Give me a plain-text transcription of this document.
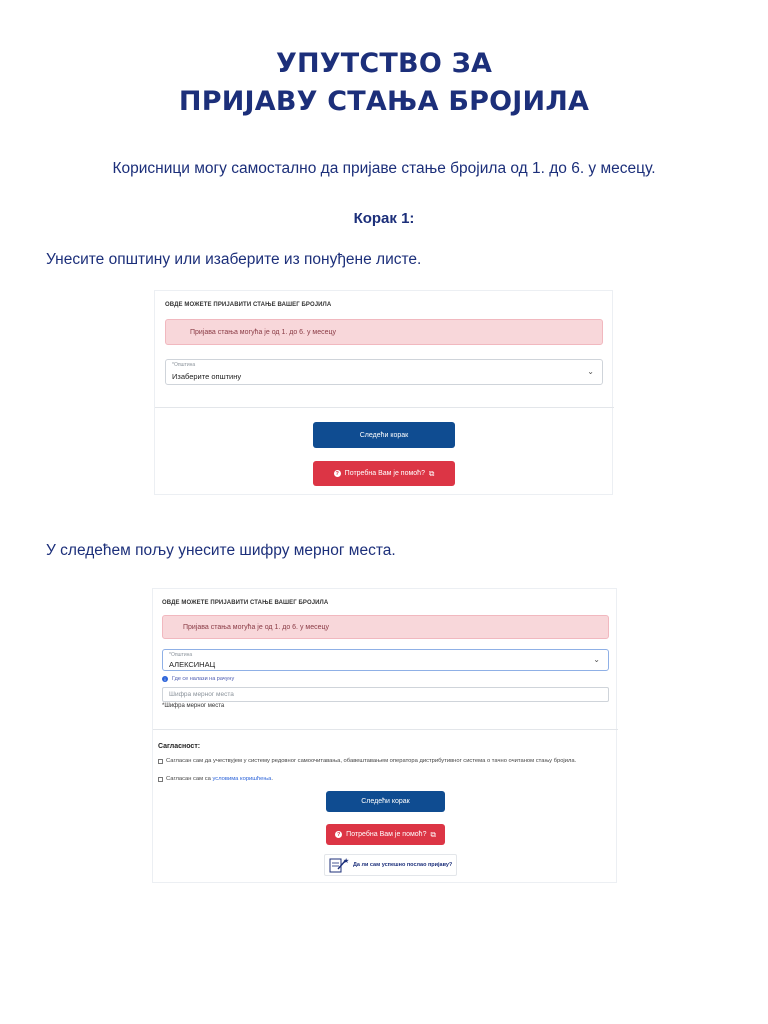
УПУТСТВО ЗА
ПРИЈАВУ СТАЊА БРОЈИЛА
Корисници могу самостално да пријаве стање бројила од 1. до 6. у месецу.
Корак 1:
Унесите општину или изаберите из понуђене листе.
ОВДЕ МОЖЕТЕ ПРИЈАВИТИ СТАЊЕ ВАШЕГ БРОЈИЛА
Пријава стања могућа је од 1. до 6. у месецу
*Општина
Изаберите општину
⌄
Следећи корак
? Потребна Вам је помоћ? ⧉
У следећем пољу унесите шифру мерног места.
ОВДЕ МОЖЕТЕ ПРИЈАВИТИ СТАЊЕ ВАШЕГ БРОЈИЛА
Пријава стања могућа је од 1. до 6. у месецу
*Општина
АЛЕКСИНАЦ
⌄
i	Где се налази на рачуну
Шифра мерног места
*Шифра мерног места
Сагласност:
Сагласан сам да учествујем у систему редовног самоочитавања, обавештавањем оператора дистрибутивног система о тачно очитаном стању бројила.
Сагласан сам са условима коришћења.
Следећи корак
? Потребна Вам је помоћ? ⧉
★ Да ли сам успешно послао пријаву?
